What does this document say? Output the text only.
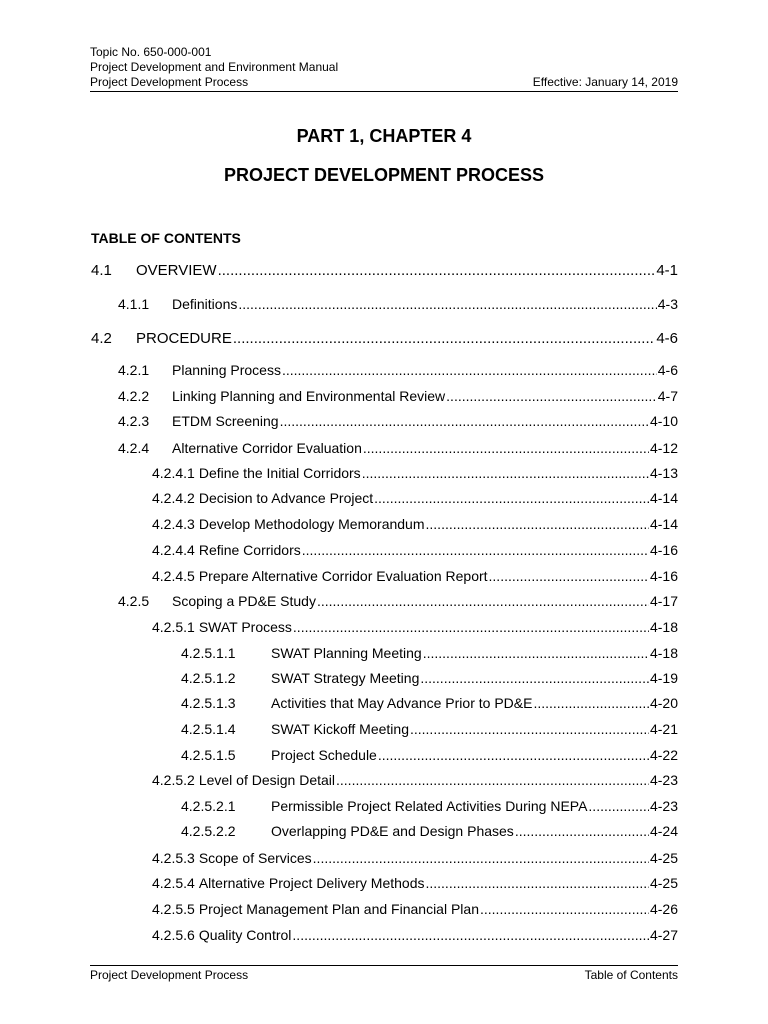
Topic No. 650-000-001
Project Development and Environment Manual
Project Development Process	Effective: January 14, 2019
PART 1, CHAPTER 4
PROJECT DEVELOPMENT PROCESS
TABLE OF CONTENTS
4.1	OVERVIEW .....	4-1
4.1.1	Definitions .....	4-3
4.2	PROCEDURE .....	4-6
4.2.1	Planning Process .....	4-6
4.2.2	Linking Planning and Environmental Review .....	4-7
4.2.3	ETDM Screening .....	4-10
4.2.4	Alternative Corridor Evaluation .....	4-12
4.2.4.1 Define the Initial Corridors .....	4-13
4.2.4.2 Decision to Advance Project .....	4-14
4.2.4.3 Develop Methodology Memorandum .....	4-14
4.2.4.4 Refine Corridors .....	4-16
4.2.4.5 Prepare Alternative Corridor Evaluation Report .....	4-16
4.2.5	Scoping a PD&E Study .....	4-17
4.2.5.1 SWAT Process .....	4-18
4.2.5.1.1	SWAT Planning Meeting .....	4-18
4.2.5.1.2	SWAT Strategy Meeting .....	4-19
4.2.5.1.3	Activities that May Advance Prior to PD&E .....	4-20
4.2.5.1.4	SWAT Kickoff Meeting .....	4-21
4.2.5.1.5	Project Schedule .....	4-22
4.2.5.2 Level of Design Detail .....	4-23
4.2.5.2.1	Permissible Project Related Activities During NEPA .....	4-23
4.2.5.2.2	Overlapping PD&E and Design Phases .....	4-24
4.2.5.3 Scope of Services .....	4-25
4.2.5.4 Alternative Project Delivery Methods .....	4-25
4.2.5.5 Project Management Plan and Financial Plan .....	4-26
4.2.5.6 Quality Control .....	4-27
Project Development Process	Table of Contents
